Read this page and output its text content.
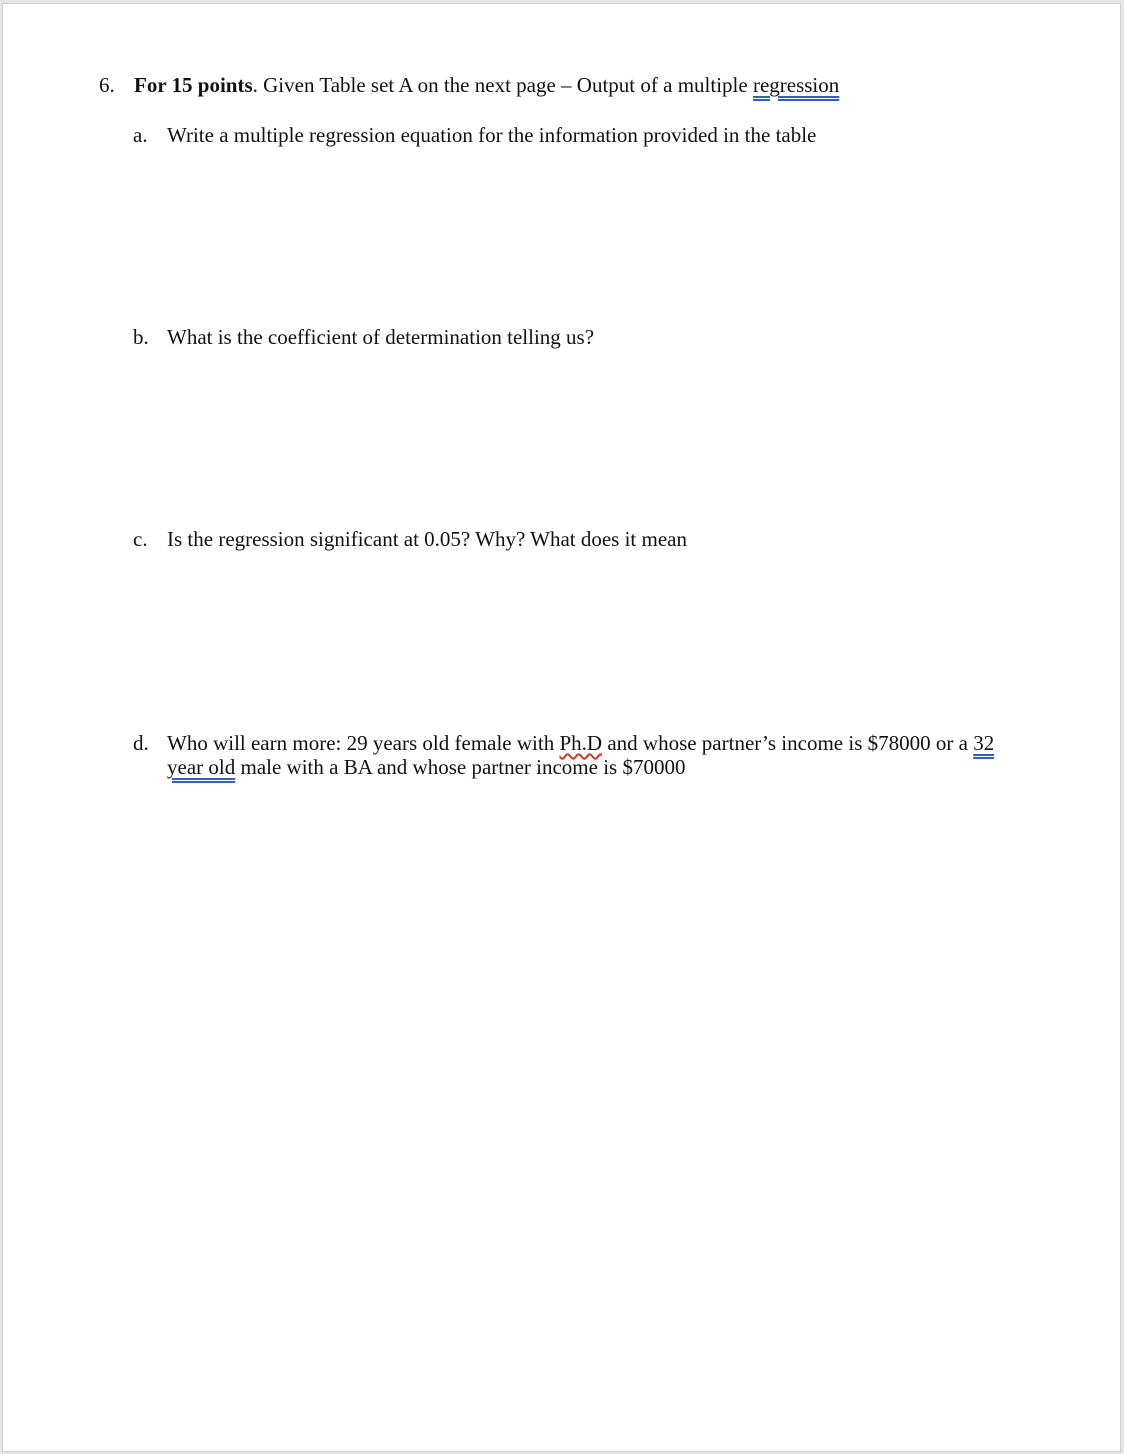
6. For 15 points. Given Table set A on the next page – Output of a multiple regression
a. Write a multiple regression equation for the information provided in the table
b. What is the coefficient of determination telling us?
c. Is the regression significant at 0.05? Why? What does it mean
d. Who will earn more: 29 years old female with Ph.D and whose partner’s income is $78000 or a 32
year old male with a BA and whose partner income is $70000
